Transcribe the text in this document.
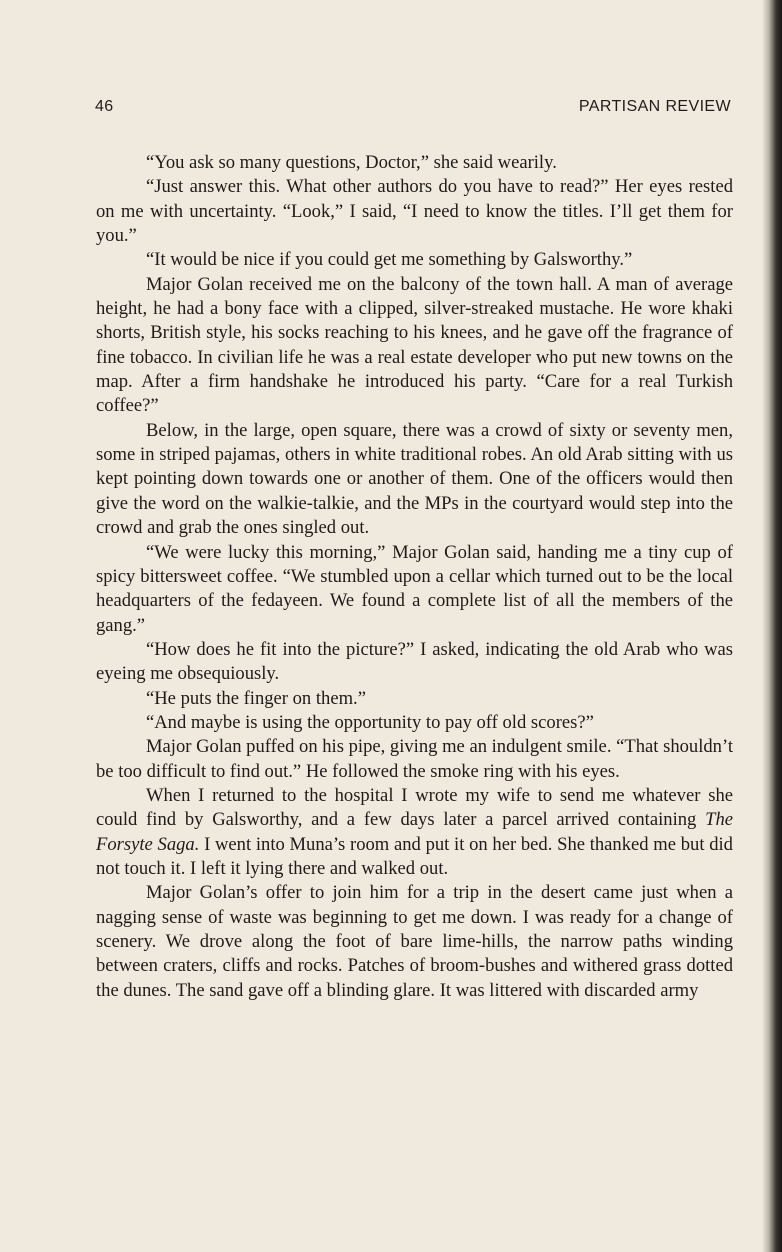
46	PARTISAN REVIEW

“You ask so many questions, Doctor,” she said wearily.

“Just answer this. What other authors do you have to read?” Her eyes rested on me with uncertainty. “Look,” I said, “I need to know the titles. I’ll get them for you.”

“It would be nice if you could get me something by Galsworthy.”

Major Golan received me on the balcony of the town hall. A man of average height, he had a bony face with a clipped, silver-streaked mustache. He wore khaki shorts, British style, his socks reaching to his knees, and he gave off the fragrance of fine tobacco. In civilian life he was a real estate developer who put new towns on the map. After a firm handshake he introduced his party. “Care for a real Turkish coffee?”

Below, in the large, open square, there was a crowd of sixty or seventy men, some in striped pajamas, others in white traditional robes. An old Arab sitting with us kept pointing down towards one or another of them. One of the officers would then give the word on the walkie-talkie, and the MPs in the courtyard would step into the crowd and grab the ones singled out.

“We were lucky this morning,” Major Golan said, handing me a tiny cup of spicy bittersweet coffee. “We stumbled upon a cellar which turned out to be the local headquarters of the fedayeen. We found a complete list of all the members of the gang.”

“How does he fit into the picture?” I asked, indicating the old Arab who was eyeing me obsequiously.

“He puts the finger on them.”

“And maybe is using the opportunity to pay off old scores?”

Major Golan puffed on his pipe, giving me an indulgent smile. “That shouldn’t be too difficult to find out.” He followed the smoke ring with his eyes.

When I returned to the hospital I wrote my wife to send me whatever she could find by Galsworthy, and a few days later a parcel arrived containing The Forsyte Saga. I went into Muna’s room and put it on her bed. She thanked me but did not touch it. I left it lying there and walked out.

Major Golan’s offer to join him for a trip in the desert came just when a nagging sense of waste was beginning to get me down. I was ready for a change of scenery. We drove along the foot of bare lime-hills, the narrow paths winding between craters, cliffs and rocks. Patches of broom-bushes and withered grass dotted the dunes. The sand gave off a blinding glare. It was littered with discarded army
